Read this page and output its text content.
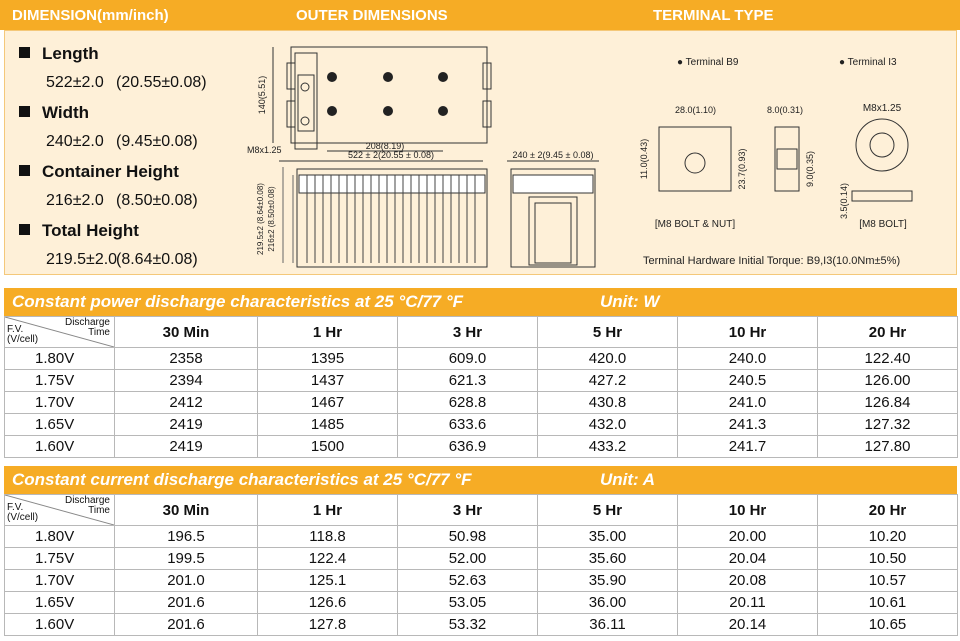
DIMENSION(mm/inch)	OUTER DIMENSIONS	TERMINAL TYPE
Length
522±2.0 (20.55±0.08)
Width
240±2.0 (9.45±0.08)
Container Height
216±2.0 (8.50±0.08)
Total Height
219.5±2.0(8.64±0.08)
140(5.51)
M8x1.25	208(8.19)
522 ± 2(20.55 ± 0.08)	240 ± 2(9.45 ± 0.08)
219.5±2 (8.64±0.08) 216±2 (8.50±0.08)
● Terminal B9	● Terminal I3
28.0(1.10)	8.0(0.31)
11.0(0.43)	23.7(0.93)	9.0(0.35)
M8x1.25
3.5(0.14)
[M8 BOLT & NUT]	[M8 BOLT]
Terminal Hardware Initial Torque: B9,I3(10.0Nm±5%)
Constant power discharge characteristics at 25 °C/77 °F	Unit: W
F.V.
(V/cell)
Discharge
Time	30 Min	1 Hr	3 Hr	5 Hr	10 Hr	20 Hr
1.80V	2358	1395	609.0	420.0	240.0	122.40
1.75V	2394	1437	621.3	427.2	240.5	126.00
1.70V	2412	1467	628.8	430.8	241.0	126.84
1.65V	2419	1485	633.6	432.0	241.3	127.32
1.60V	2419	1500	636.9	433.2	241.7	127.80
Constant current discharge characteristics at 25 °C/77 °F	Unit: A
F.V.
(V/cell)
Discharge
Time	30 Min	1 Hr	3 Hr	5 Hr	10 Hr	20 Hr
1.80V	196.5	118.8	50.98	35.00	20.00	10.20
1.75V	199.5	122.4	52.00	35.60	20.04	10.50
1.70V	201.0	125.1	52.63	35.90	20.08	10.57
1.65V	201.6	126.6	53.05	36.00	20.11	10.61
1.60V	201.6	127.8	53.32	36.11	20.14	10.65
